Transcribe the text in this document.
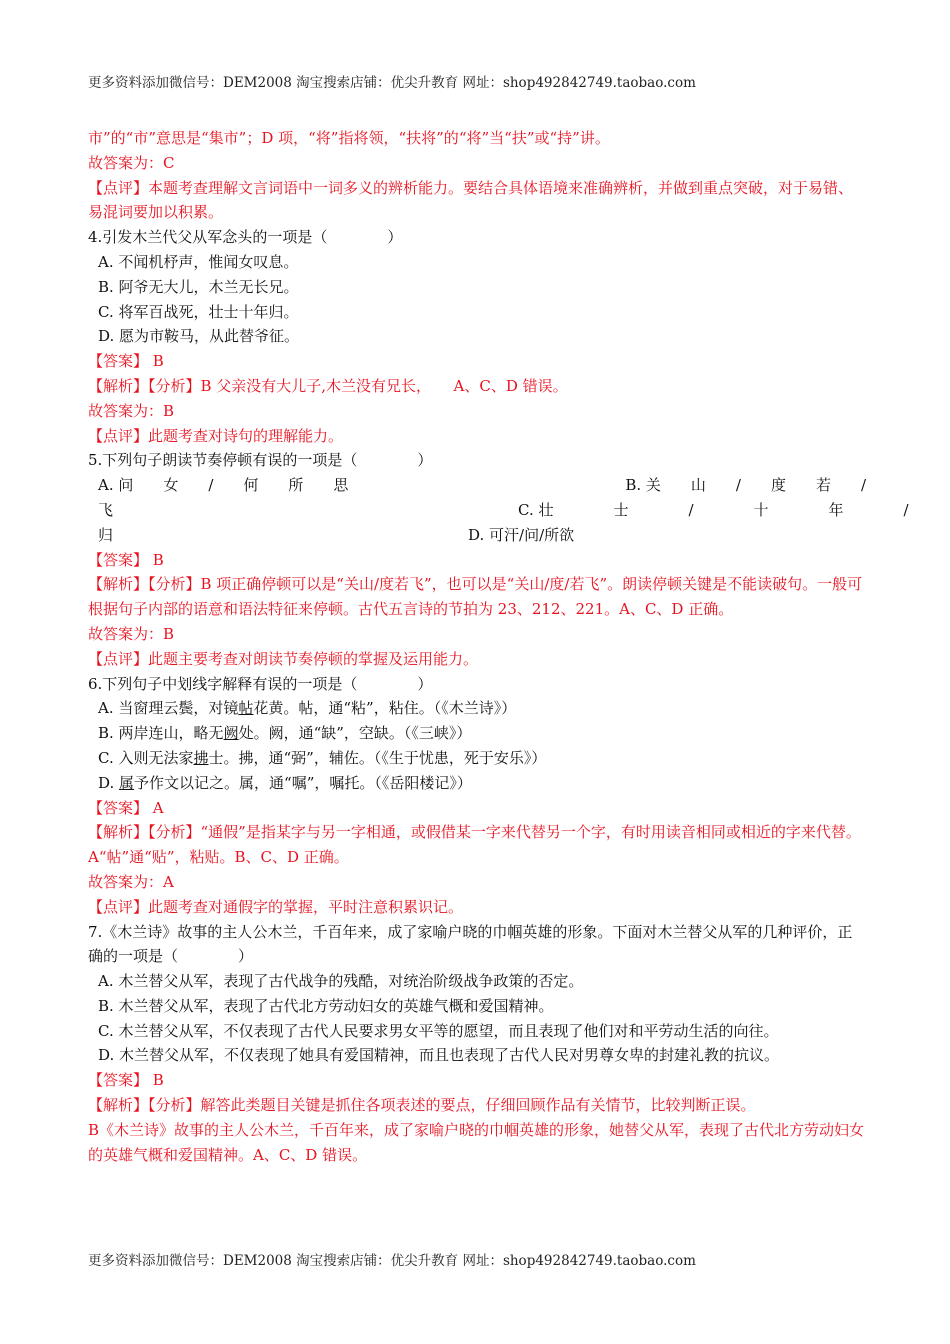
更多资料添加微信号：DEM2008 淘宝搜索店铺：优尖升教育 网址：shop492842749.taobao.com
市”的“市”意思是“集市”；D 项，“将”指将领，“扶将”的“将”当“扶”或“持”讲。
故答案为：C
【点评】本题考查理解文言词语中一词多义的辨析能力。要结合具体语境来准确辨析，并做到重点突破，对于易错、易混词要加以积累。
4.引发木兰代父从军念头的一项是（　　　　）
A. 不闻机杼声，惟闻女叹息。
B. 阿爷无大儿，木兰无长兄。
C. 将军百战死，壮士十年归。
D. 愿为市鞍马，从此替爷征。
【答案】 B
【解析】【分析】B 父亲没有大儿子,木兰没有兄长，　　A、C、D 错误。
故答案为：B
【点评】此题考查对诗句的理解能力。
5.下列句子朗读节奏停顿有误的一项是（　　　　）
A. 问　　女　　/　　何　　所　　思	B. 关　　山　　/　　度　　若　　/
飞	C. 壮　　　　士　　　　/　　　　十　　　　年　　　　/
归	D. 可汗/问/所欲
【答案】 B
【解析】【分析】B 项正确停顿可以是“关山/度若飞”，也可以是“关山/度/若飞”。朗读停顿关键是不能读破句。一般可根据句子内部的语意和语法特征来停顿。古代五言诗的节拍为 23、212、221。A、C、D 正确。
故答案为：B
【点评】此题主要考查对朗读节奏停顿的掌握及运用能力。
6.下列句子中划线字解释有误的一项是（　　　　）
A. 当窗理云鬓，对镜帖花黄。帖，通“粘”，粘住。（《木兰诗》）
B. 两岸连山，略无阙处。阙，通“缺”，空缺。（《三峡》）
C. 入则无法家拂士。拂，通“弼”，辅佐。（《生于忧患，死于安乐》）
D. 属予作文以记之。属，通“嘱”，嘱托。（《岳阳楼记》）
【答案】 A
【解析】【分析】“通假”是指某字与另一字相通，或假借某一字来代替另一个字，有时用读音相同或相近的字来代替。
A“帖”通“贴”，粘贴。B、C、D 正确。
故答案为：A
【点评】此题考查对通假字的掌握，平时注意积累识记。
7.《木兰诗》故事的主人公木兰，千百年来，成了家喻户晓的巾帼英雄的形象。下面对木兰替父从军的几种评价，正确的一项是（　　　　）
A. 木兰替父从军，表现了古代战争的残酷，对统治阶级战争政策的否定。
B. 木兰替父从军，表现了古代北方劳动妇女的英雄气概和爱国精神。
C. 木兰替父从军，不仅表现了古代人民要求男女平等的愿望，而且表现了他们对和平劳动生活的向往。
D. 木兰替父从军，不仅表现了她具有爱国精神，而且也表现了古代人民对男尊女卑的封建礼教的抗议。
【答案】 B
【解析】【分析】解答此类题目关键是抓住各项表述的要点，仔细回顾作品有关情节，比较判断正误。
B《木兰诗》故事的主人公木兰，千百年来，成了家喻户晓的巾帼英雄的形象，她替父从军，表现了古代北方劳动妇女的英雄气概和爱国精神。A、C、D 错误。
更多资料添加微信号：DEM2008 淘宝搜索店铺：优尖升教育 网址：shop492842749.taobao.com
